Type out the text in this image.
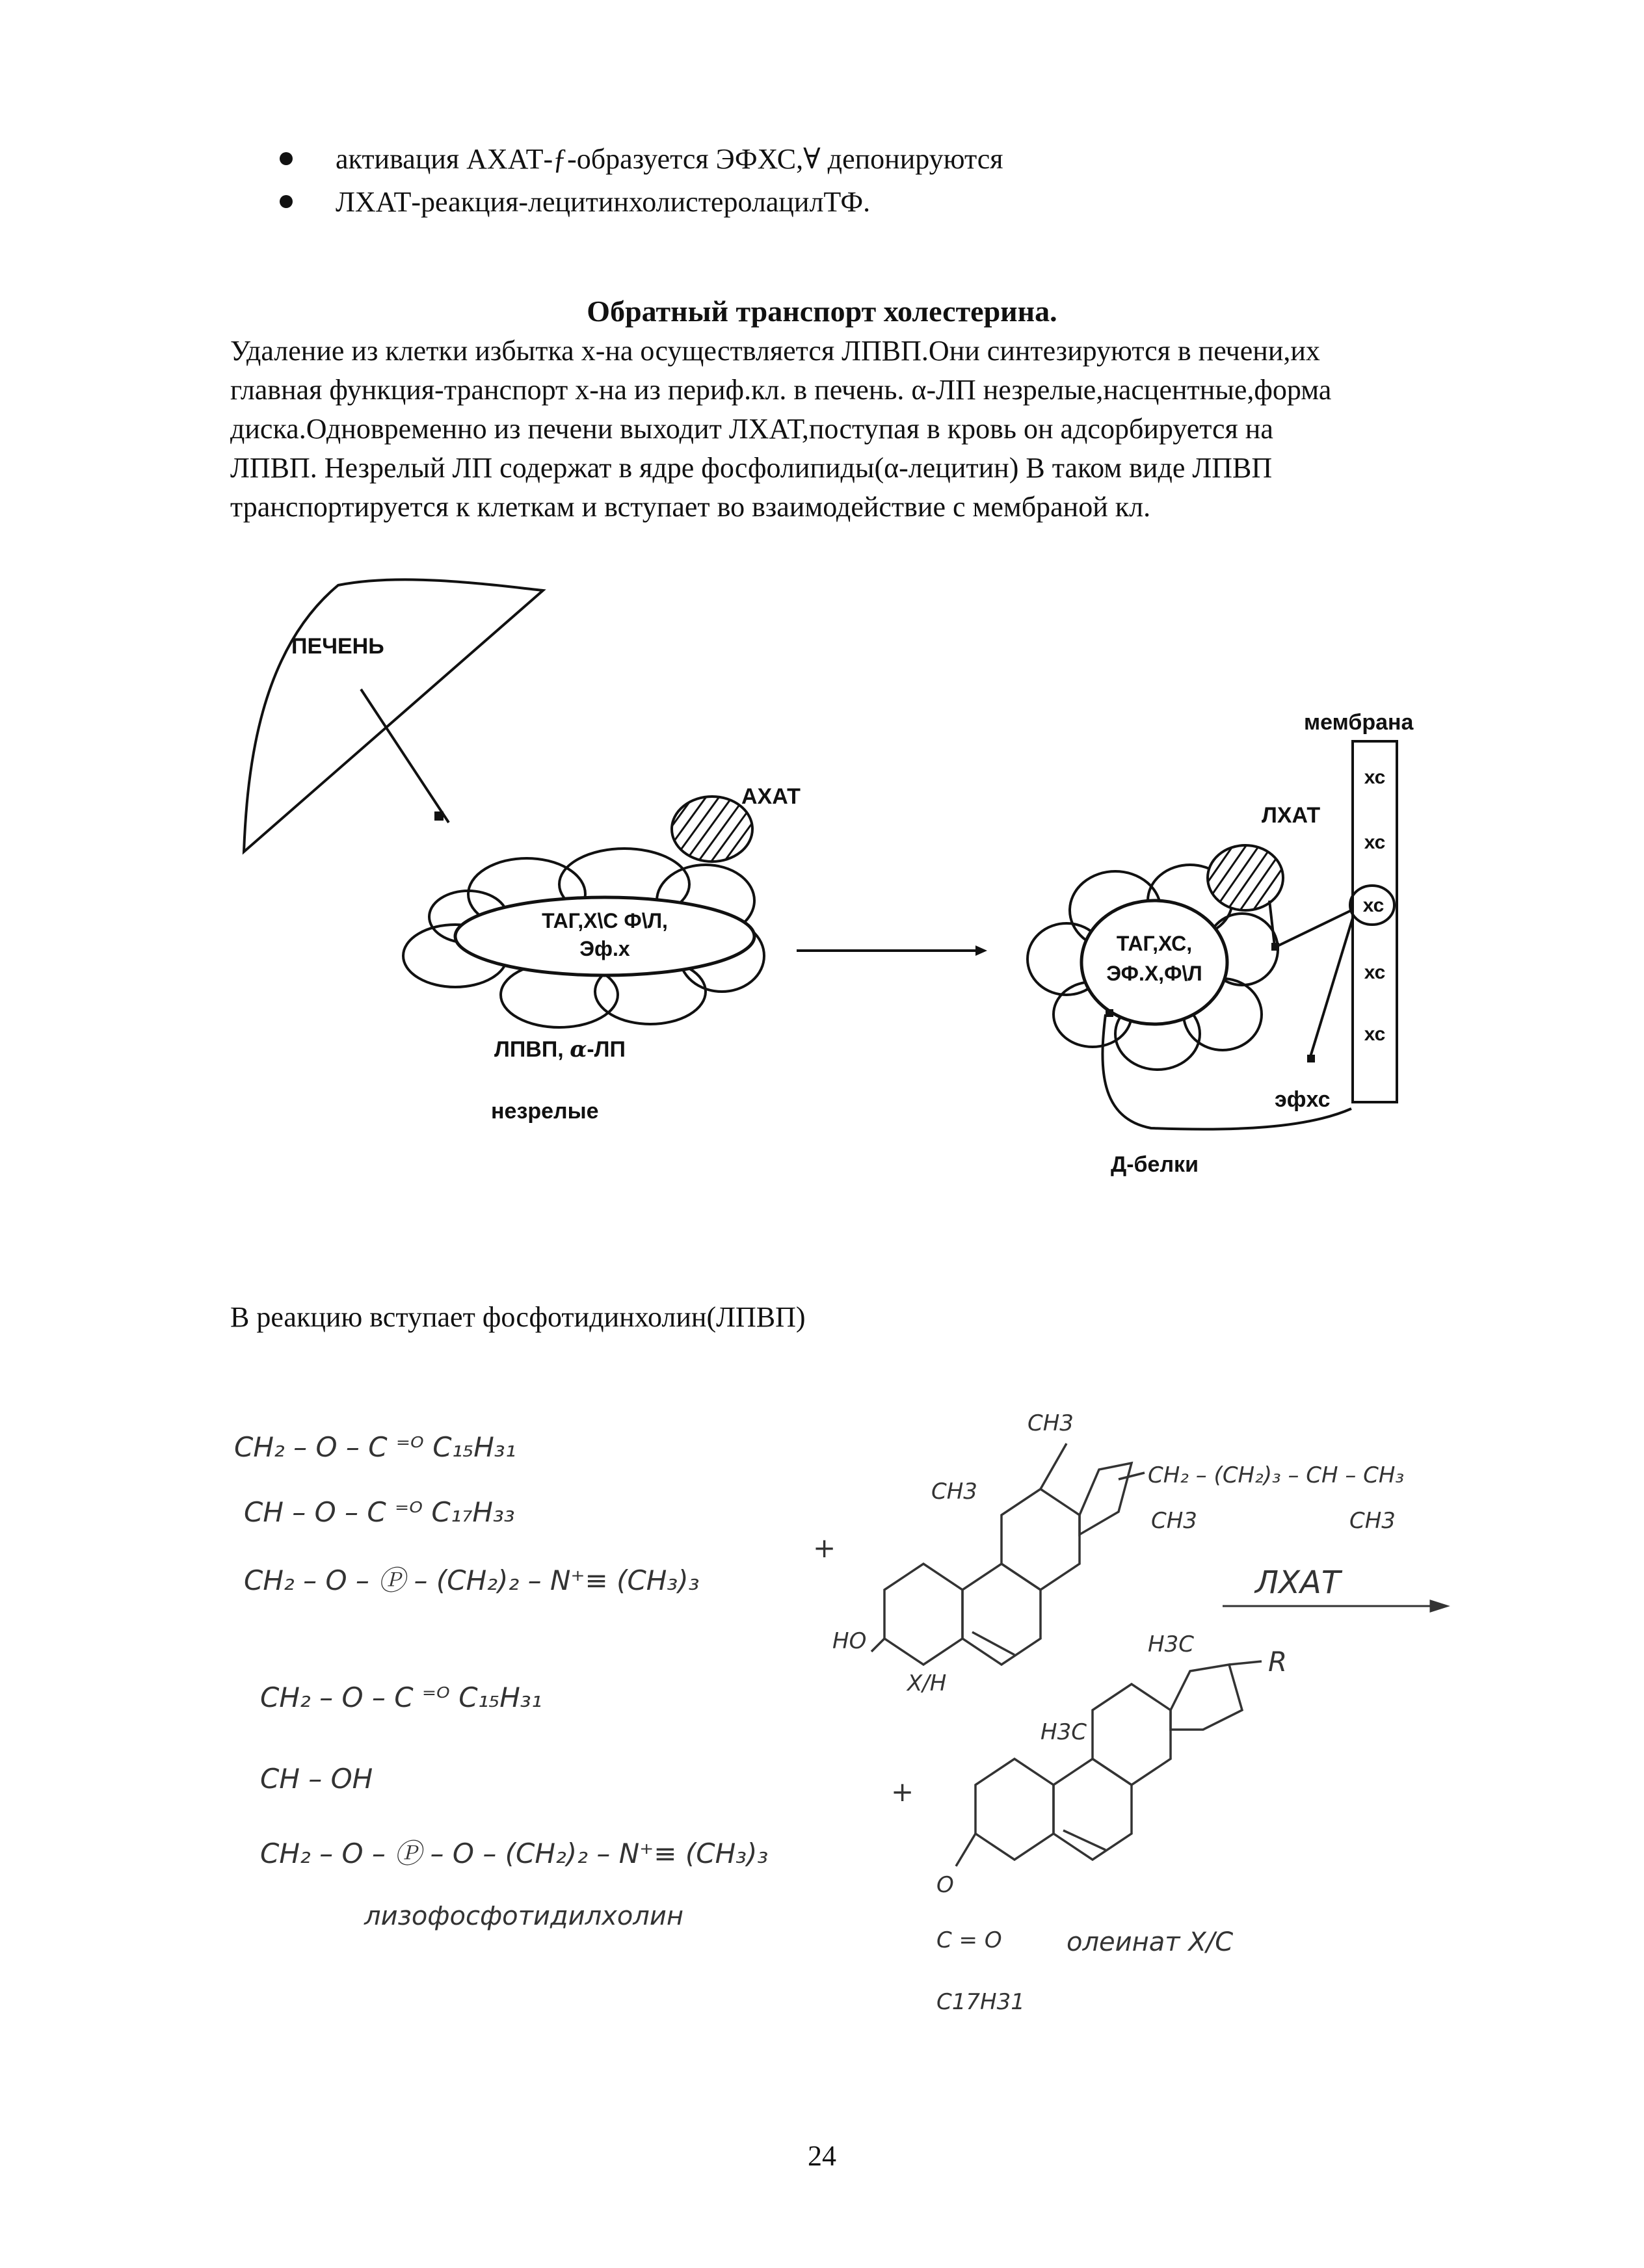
активация АХАТ-ƒ-образуется ЭФХС,∀ депонируются
ЛХАТ-реакция-лецитинхолистеролацилТФ.
Обратный транспорт холестерина.
Удаление из клетки избытка х-на осуществляется ЛПВП.Они синтезируются в печени,их
главная функция-транспорт х-на из периф.кл. в печень. α-ЛП незрелые,насцентные,форма
диска.Одновременно из печени выходит ЛХАТ,поступая в кровь он адсорбируется на
ЛПВП. Незрелый ЛП содержат в ядре фосфолипиды(α-лецитин) В таком виде ЛПВП
транспортируется к клеткам и вступает во взаимодействие с мембраной кл.
ПЕЧЕНЬ
АХАТ
ЛХАТ
мембрана
ТАГ,Х\С Ф\Л,
Эф.х	ТАГ,ХС,
ЭФ.Х,Ф\Л
ЛПВП, α-ЛП
незрелые
хс
хс
хс
хс
хс
эфхс
Д-белки
В реакцию вступает фосфотидинхолин(ЛПВП)
CH₂ – O – C ⁼ᴼ C₁₅H₃₁
CH – O – C ⁼ᴼ C₁₇H₃₃
CH₂ – O – Ⓟ – (CH₂)₂ – N⁺≡ (CH₃)₃
+
CH3
CH3
CH₂ – (CH₂)₃ – CH – CH₃
CH3	CH3
HO
Х/Н
ЛХАТ
CH₂ – O – C ⁼ᴼ C₁₅H₃₁
CH – OH
CH₂ – O – Ⓟ – O – (CH₂)₂ – N⁺≡ (CH₃)₃
лизофосфотидилхолин
+
H3C
H3C
R
O
C = O
C17H31
олеинат Х/С
24
